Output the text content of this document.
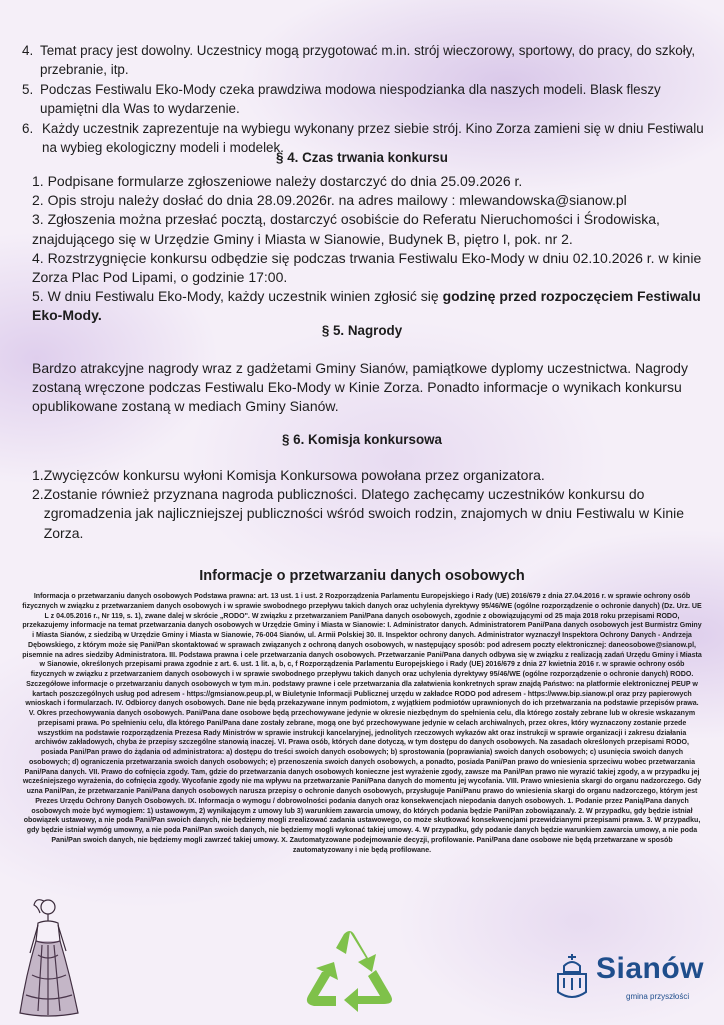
4. Temat pracy jest dowolny. Uczestnicy mogą przygotować m.in. strój wieczorowy, sportowy, do pracy, do szkoły, przebranie, itp.
5. Podczas Festiwalu Eko-Mody czeka prawdziwa modowa niespodzianka dla naszych modeli. Blask fleszy upamiętni dla Was to wydarzenie.
6. Każdy uczestnik zaprezentuje na wybiegu wykonany przez siebie strój. Kino Zorza zamieni się w dniu Festiwalu na wybieg ekologiczny modeli i modelek.
§ 4. Czas trwania konkursu
1. Podpisane formularze zgłoszeniowe należy dostarczyć do dnia 25.09.2026 r.
2. Opis stroju należy dosłać do dnia 28.09.2026r. na adres mailowy : mlewandowska@sianow.pl
3. Zgłoszenia można przesłać pocztą, dostarczyć osobiście do Referatu Nieruchomości i Środowiska, znajdującego się w Urzędzie Gminy i Miasta w Sianowie, Budynek B, piętro I, pok. nr 2.
4. Rozstrzygnięcie konkursu odbędzie się podczas trwania Festiwalu Eko-Mody w dniu 02.10.2026 r. w kinie Zorza Plac Pod Lipami, o godzinie 17:00.
5. W dniu Festiwalu Eko-Mody, każdy uczestnik winien zgłosić się godzinę przed rozpoczęciem Festiwalu Eko-Mody.
§ 5. Nagrody
Bardzo atrakcyjne nagrody wraz z gadżetami Gminy Sianów, pamiątkowe dyplomy uczestnictwa. Nagrody zostaną wręczone podczas Festiwalu Eko-Mody w Kinie Zorza. Ponadto informacje o wynikach konkursu opublikowane zostaną w mediach Gminy Sianów.
§ 6. Komisja konkursowa
1. Zwycięzców konkursu wyłoni Komisja Konkursowa powołana przez organizatora.
2. Zostanie również przyznana nagroda publiczności. Dlatego zachęcamy uczestników konkursu do zgromadzenia jak najliczniejszej publiczności wśród swoich rodzin, znajomych w dniu Festiwalu w Kinie Zorza.
Informacje o przetwarzaniu danych osobowych
Informacja o przetwarzaniu danych osobowych Podstawa prawna: art. 13 ust. 1 i ust. 2 Rozporządzenia Parlamentu Europejskiego i Rady (UE) 2016/679 z dnia 27.04.2016 r. w sprawie ochrony osób fizycznych w związku z przetwarzaniem danych osobowych i w sprawie swobodnego przepływu takich danych oraz uchylenia dyrektywy 95/46/WE (ogólne rozporządzenie o ochronie danych) (Dz. Urz. UE L z 04.05.2016 r., Nr 119, s. 1), zwane dalej w skrócie „RODO". W związku z przetwarzaniem Pani/Pana danych osobowych, zgodnie z obowiązującymi od 25 maja 2018 roku przepisami RODO, przekazujemy informacje na temat przetwarzania danych osobowych w Urzędzie Gminy i Miasta w Sianowie: I. Administrator danych. Administratorem Pani/Pana danych osobowych jest Burmistrz Gminy i Miasta Sianów, z siedzibą w Urzędzie Gminy i Miasta w Sianowie, 76-004 Sianów, ul. Armii Polskiej 30. II. Inspektor ochrony danych. Administrator wyznaczył Inspektora Ochrony Danych - Andrzeja Dębowskiego, z którym może się Pani/Pan skontaktować w sprawach związanych z ochroną danych osobowych, w następujący sposób: pod adresem poczty elektronicznej: daneosobowe@sianow.pl, pisemnie na adres siedziby Administratora. III. Podstawa prawna i cele przetwarzania danych osobowych. Przetwarzanie Pani/Pana danych odbywa się w związku z realizacją zadań Urzędu Gminy i Miasta w Sianowie, określonych przepisami prawa zgodnie z art. 6. ust. 1 lit. a, b, c, f Rozporządzenia Parlamentu Europejskiego i Rady (UE) 2016/679 z dnia 27 kwietnia 2016 r. w sprawie ochrony osób fizycznych w związku z przetwarzaniem danych osobowych i w sprawie swobodnego przepływu takich danych oraz uchylenia dyrektywy 95/46/WE (ogólne rozporządzenie o ochronie danych) RODO. Szczegółowe informacje o przetwarzaniu danych osobowych w tym m.in. podstawy prawne i cele przetwarzania dla załatwienia konkretnych spraw znajdą Państwo: na platformie elektronicznej PEUP w kartach poszczególnych usług pod adresem - https://gmsianow.peup.pl, w Biuletynie Informacji Publicznej urzędu w zakładce RODO pod adresem - https://www.bip.sianow.pl oraz przy papierowych wnioskach i formularzach. IV. Odbiorcy danych osobowych. Dane nie będą przekazywane innym podmiotom, z wyjątkiem podmiotów uprawnionych do ich przetwarzania na podstawie przepisów prawa. V. Okres przechowywania danych osobowych. Pani/Pana dane osobowe będą przechowywane jedynie w okresie niezbędnym do spełnienia celu, dla którego zostały zebrane lub w okresie wskazanym przepisami prawa. Po spełnieniu celu, dla którego Pani/Pana dane zostały zebrane, mogą one być przechowywane jedynie w celach archiwalnych, przez okres, który wyznaczony zostanie przede wszystkim na podstawie rozporządzenia Prezesa Rady Ministrów w sprawie instrukcji kancelaryjnej, jednolitych rzeczowych wykazów akt oraz instrukcji w sprawie organizacji i zakresu działania archiwów zakładowych, chyba że przepisy szczególne stanowią inaczej. VI. Prawa osób, których dane dotyczą, w tym dostępu do danych osobowych. Na zasadach określonych przepisami RODO, posiada Pani/Pan prawo do żądania od administratora: a) dostępu do treści swoich danych osobowych; b) sprostowania (poprawiania) swoich danych osobowych; c) usunięcia swoich danych osobowych; d) ograniczenia przetwarzania swoich danych osobowych; e) przenoszenia swoich danych osobowych, a ponadto, posiada Pani/Pan prawo do wniesienia sprzeciwu wobec przetwarzania Pani/Pana danych. VII. Prawo do cofnięcia zgody. Tam, gdzie do przetwarzania danych osobowych konieczne jest wyrażenie zgody, zawsze ma Pani/Pan prawo nie wyrazić takiej zgody, a w przypadku jej wcześniejszego wyrażenia, do cofnięcia zgody. Wycofanie zgody nie ma wpływu na przetwarzanie Pani/Pana danych do momentu jej wycofania. VIII. Prawo wniesienia skargi do organu nadzorczego. Gdy uzna Pani/Pan, że przetwarzanie Pani/Pana danych osobowych narusza przepisy o ochronie danych osobowych, przysługuje Pani/Panu prawo do wniesienia skargi do organu nadzorczego, którym jest Prezes Urzędu Ochrony Danych Osobowych. IX. Informacja o wymogu / dobrowolności podania danych oraz konsekwencjach niepodania danych osobowych. 1. Podanie przez Panią/Pana danych osobowych może być wymogiem: 1) ustawowym, 2) wynikającym z umowy lub 3) warunkiem zawarcia umowy, do których podania będzie Pani/Pan zobowiązana/y. 2. W przypadku, gdy będzie istniał obowiązek ustawowy, a nie poda Pani/Pan swoich danych, nie będziemy mogli zrealizować zadania ustawowego, co może skutkować konsekwencjami przewidzianymi przepisami prawa. 3. W przypadku, gdy będzie istniał wymóg umowny, a nie poda Pani/Pan swoich danych, nie będziemy mogli wykonać takiej umowy. 4. W przypadku, gdy podanie danych będzie warunkiem zawarcia umowy, a nie poda Pani/Pan swoich danych, nie będziemy mogli zawrzeć takiej umowy. X. Zautomatyzowane podejmowanie decyzji, profilowanie. Pani/Pana dane osobowe nie będą przetwarzane w sposób zautomatyzowany i nie będą profilowane.
Sianów
gmina przyszłości
